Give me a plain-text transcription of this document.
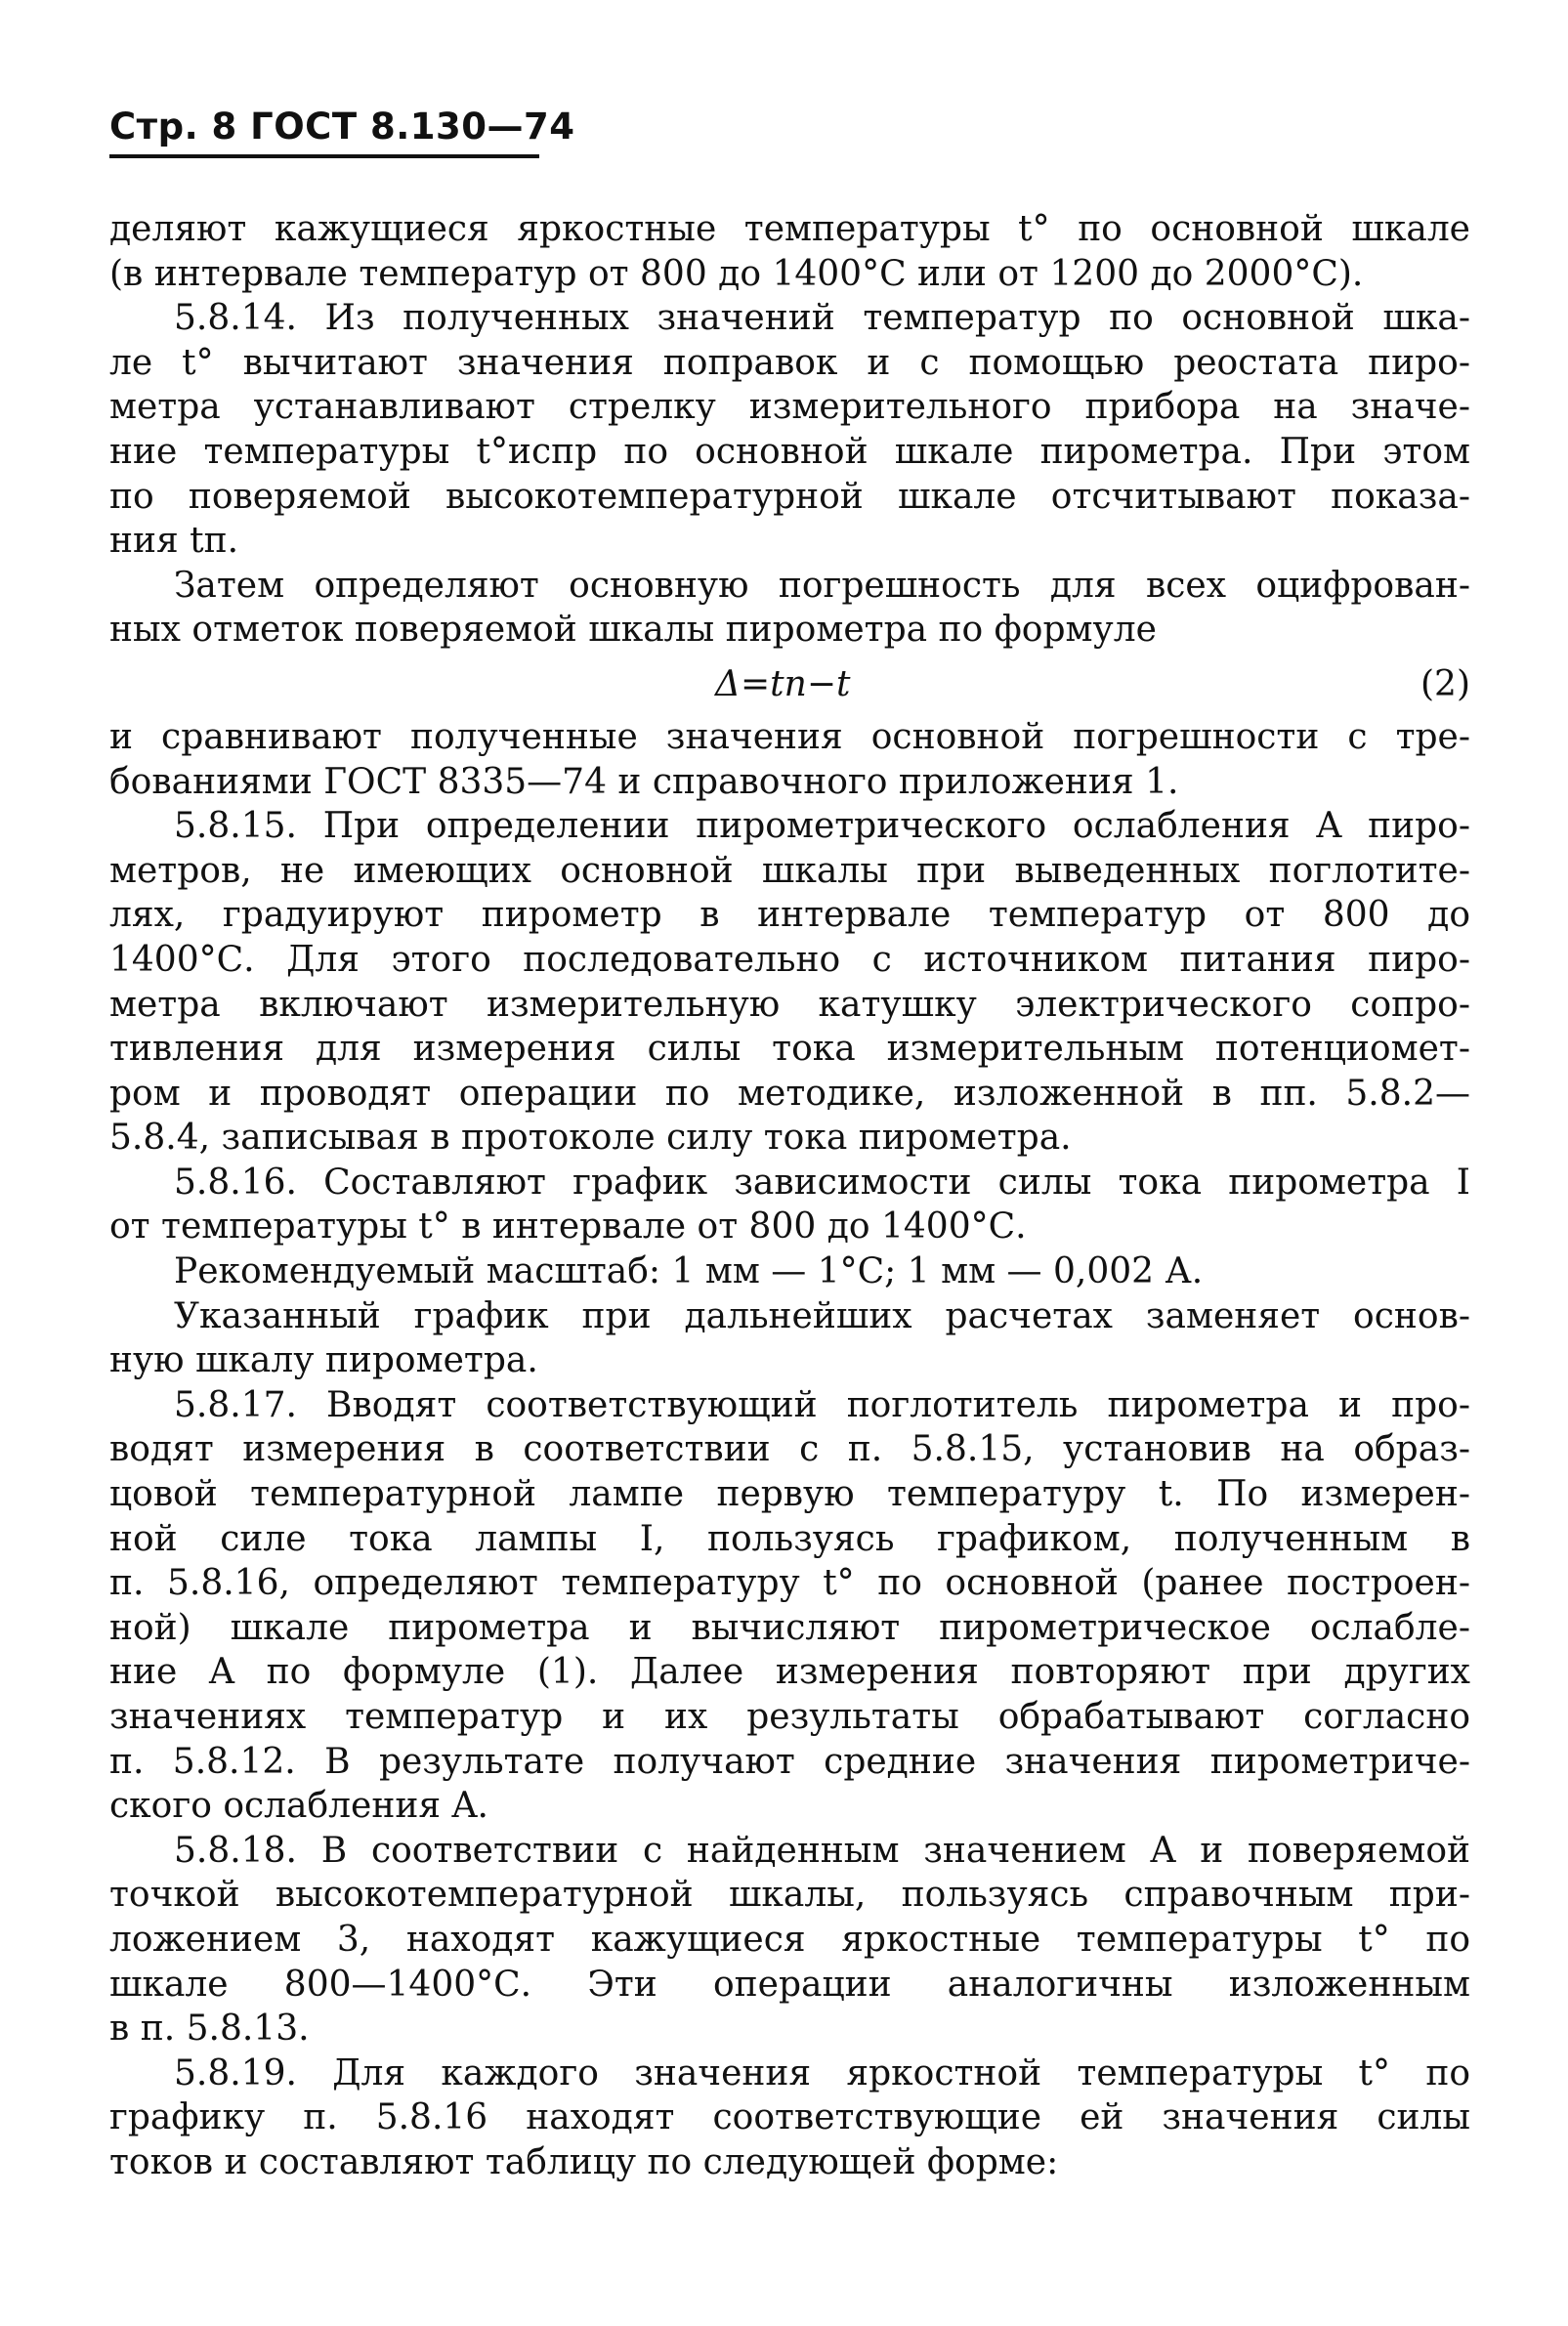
Стр. 8 ГОСТ 8.130—74
деляют кажущиеся яркостные температуры t° по основной шкале
(в интервале температур от 800 до 1400°С или от 1200 до 2000°С).
5.8.14. Из полученных значений температур по основной шка-
ле t° вычитают значения поправок и с помощью реостата пиро-
метра устанавливают стрелку измерительного прибора на значе-
ние температуры t°испр по основной шкале пирометра. При этом
по поверяемой высокотемпературной шкале отсчитывают показа-
ния tп.
Затем определяют основную погрешность для всех оцифрован-
ных отметок поверяемой шкалы пирометра по формуле
Δ=tп−t	(2)
и сравнивают полученные значения основной погрешности с тре-
бованиями ГОСТ 8335—74 и справочного приложения 1.
5.8.15. При определении пирометрического ослабления A пиро-
метров, не имеющих основной шкалы при выведенных поглотите-
лях, градуируют пирометр в интервале температур от 800 до
1400°С. Для этого последовательно с источником питания пиро-
метра включают измерительную катушку электрического сопро-
тивления для измерения силы тока измерительным потенциомет-
ром и проводят операции по методике, изложенной в пп. 5.8.2—
5.8.4, записывая в протоколе силу тока пирометра.
5.8.16. Составляют график зависимости силы тока пирометра I
от температуры t° в интервале от 800 до 1400°С.
Рекомендуемый масштаб: 1 мм — 1°С; 1 мм — 0,002 А.
Указанный график при дальнейших расчетах заменяет основ-
ную шкалу пирометра.
5.8.17. Вводят соответствующий поглотитель пирометра и про-
водят измерения в соответствии с п. 5.8.15, установив на образ-
цовой температурной лампе первую температуру t. По измерен-
ной силе тока лампы I, пользуясь графиком, полученным в
п. 5.8.16, определяют температуру t° по основной (ранее построен-
ной) шкале пирометра и вычисляют пирометрическое ослабле-
ние A по формуле (1). Далее измерения повторяют при других
значениях температур и их результаты обрабатывают согласно
п. 5.8.12. В результате получают средние значения пирометриче-
ского ослабления A.
5.8.18. В соответствии с найденным значением A и поверяемой
точкой высокотемпературной шкалы, пользуясь справочным при-
ложением 3, находят кажущиеся яркостные температуры t° по
шкале 800—1400°С. Эти операции аналогичны изложенным
в п. 5.8.13.
5.8.19. Для каждого значения яркостной температуры t° по
графику п. 5.8.16 находят соответствующие ей значения силы
токов и составляют таблицу по следующей форме:
